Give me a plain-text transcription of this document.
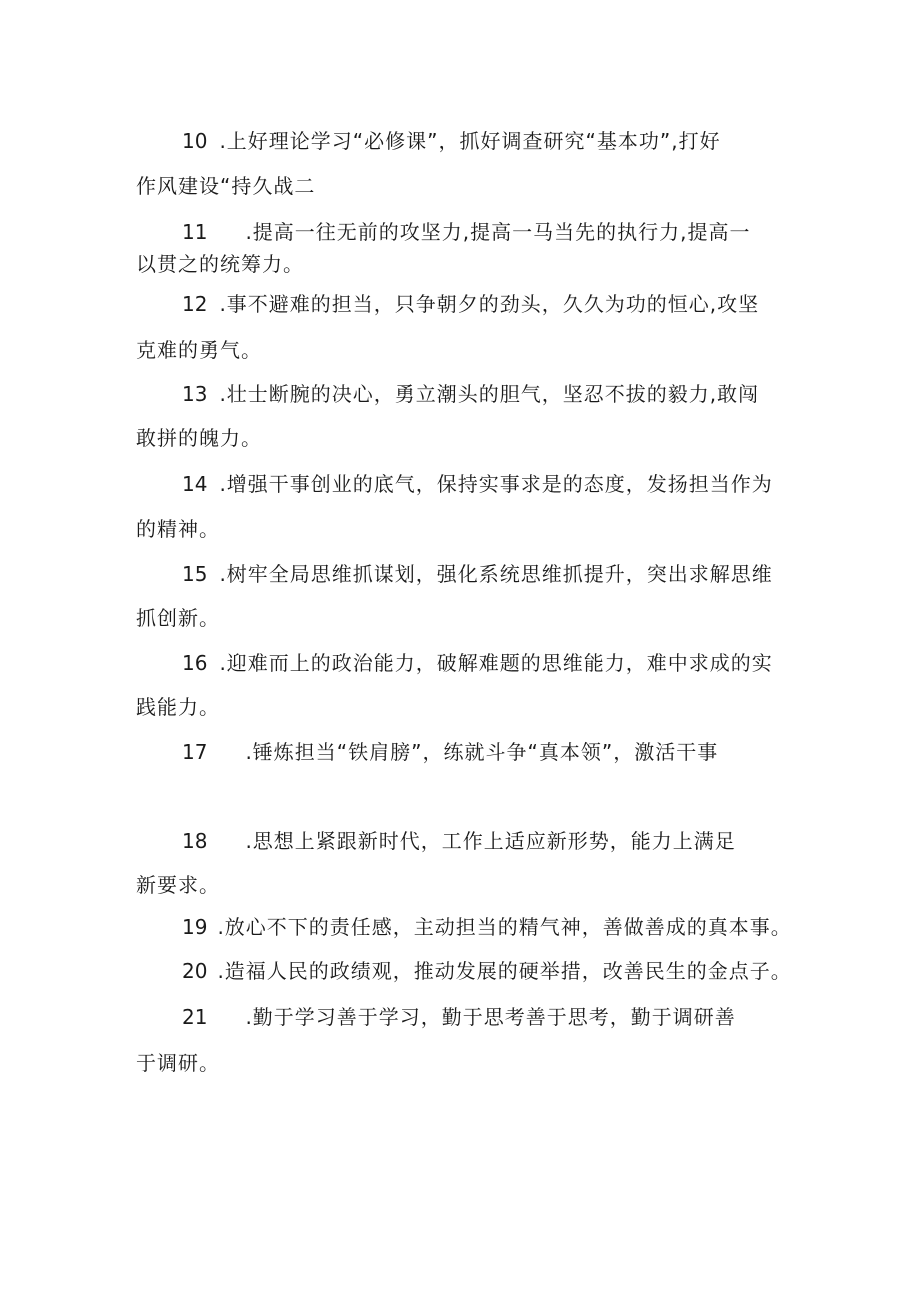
10 .上好理论学习“必修课”，抓好调查研究“基本功”,打好
作风建设“持久战二
11 .提高一往无前的攻坚力,提高一马当先的执行力,提高一
以贯之的统筹力。
12 .事不避难的担当，只争朝夕的劲头，久久为功的恒心,攻坚
克难的勇气。
13 .壮士断腕的决心，勇立潮头的胆气，坚忍不拔的毅力,敢闯
敢拼的魄力。
14 .增强干事创业的底气，保持实事求是的态度，发扬担当作为
的精神。
15 .树牢全局思维抓谋划，强化系统思维抓提升，突出求解思维
抓创新。
16 .迎难而上的政治能力，破解难题的思维能力，难中求成的实
践能力。
17 .锤炼担当“铁肩膀”，练就斗争“真本领”，激活干事
18 .思想上紧跟新时代，工作上适应新形势，能力上满足
新要求。
19 .放心不下的责任感，主动担当的精气神，善做善成的真本事。
20 .造福人民的政绩观，推动发展的硬举措，改善民生的金点子。
21 .勤于学习善于学习，勤于思考善于思考，勤于调研善
于调研。
